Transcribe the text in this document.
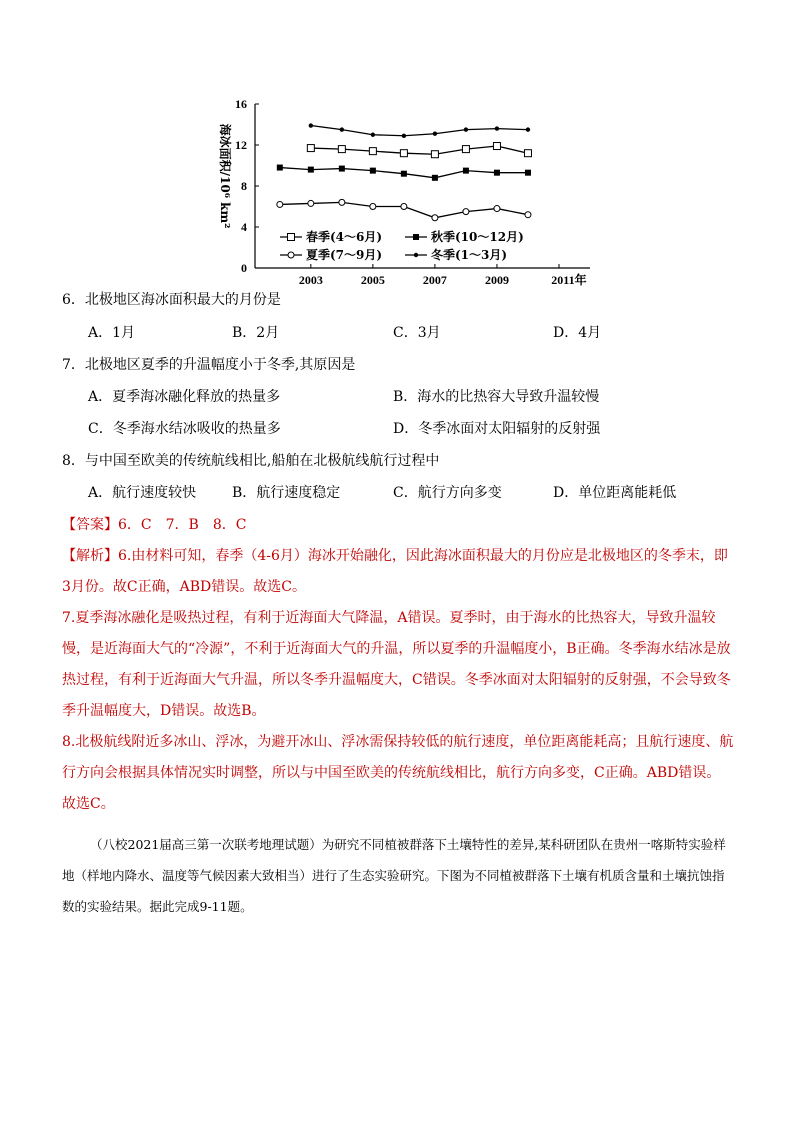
0
4
8
12
16
2003	2005	2007	2009	2011年
海冰面积/10⁶ km²
春季(4～6月)	秋季(10～12月)
夏季(7～9月)	冬季(1～3月)
6．北极地区海冰面积最大的月份是
A．1月	B．2月	C．3月	D．4月
7．北极地区夏季的升温幅度小于冬季,其原因是
A．夏季海冰融化释放的热量多	B．海水的比热容大导致升温较慢
C．冬季海水结冰吸收的热量多	D．冬季冰面对太阳辐射的反射强
8．与中国至欧美的传统航线相比,船舶在北极航线航行过程中
A．航行速度较快	B．航行速度稳定	C．航行方向多变	D．单位距离能耗低
【答案】6．C　7．B　8．C

【解析】6.由材料可知，春季（4-6月）海冰开始融化，因此海冰面积最大的月份应是北极地区的冬季末，即3月份。故C正确，ABD错误。故选C。

7.夏季海冰融化是吸热过程，有利于近海面大气降温，A错误。夏季时，由于海水的比热容大，导致升温较慢，是近海面大气的“冷源”，不利于近海面大气的升温，所以夏季的升温幅度小，B正确。冬季海水结冰是放热过程，有利于近海面大气升温，所以冬季升温幅度大，C错误。冬季冰面对太阳辐射的反射强，不会导致冬季升温幅度大，D错误。故选B。

8.北极航线附近多冰山、浮冰，为避开冰山、浮冰需保持较低的航行速度，单位距离能耗高；且航行速度、航行方向会根据具体情况实时调整，所以与中国至欧美的传统航线相比，航行方向多变，C正确。ABD错误。故选C。

（八校2021届高三第一次联考地理试题）为研究不同植被群落下土壤特性的差异,某科研团队在贵州一喀斯特实验样地（样地内降水、温度等气候因素大致相当）进行了生态实验研究。下图为不同植被群落下土壤有机质含量和土壤抗蚀指数的实验结果。据此完成9-11题。
